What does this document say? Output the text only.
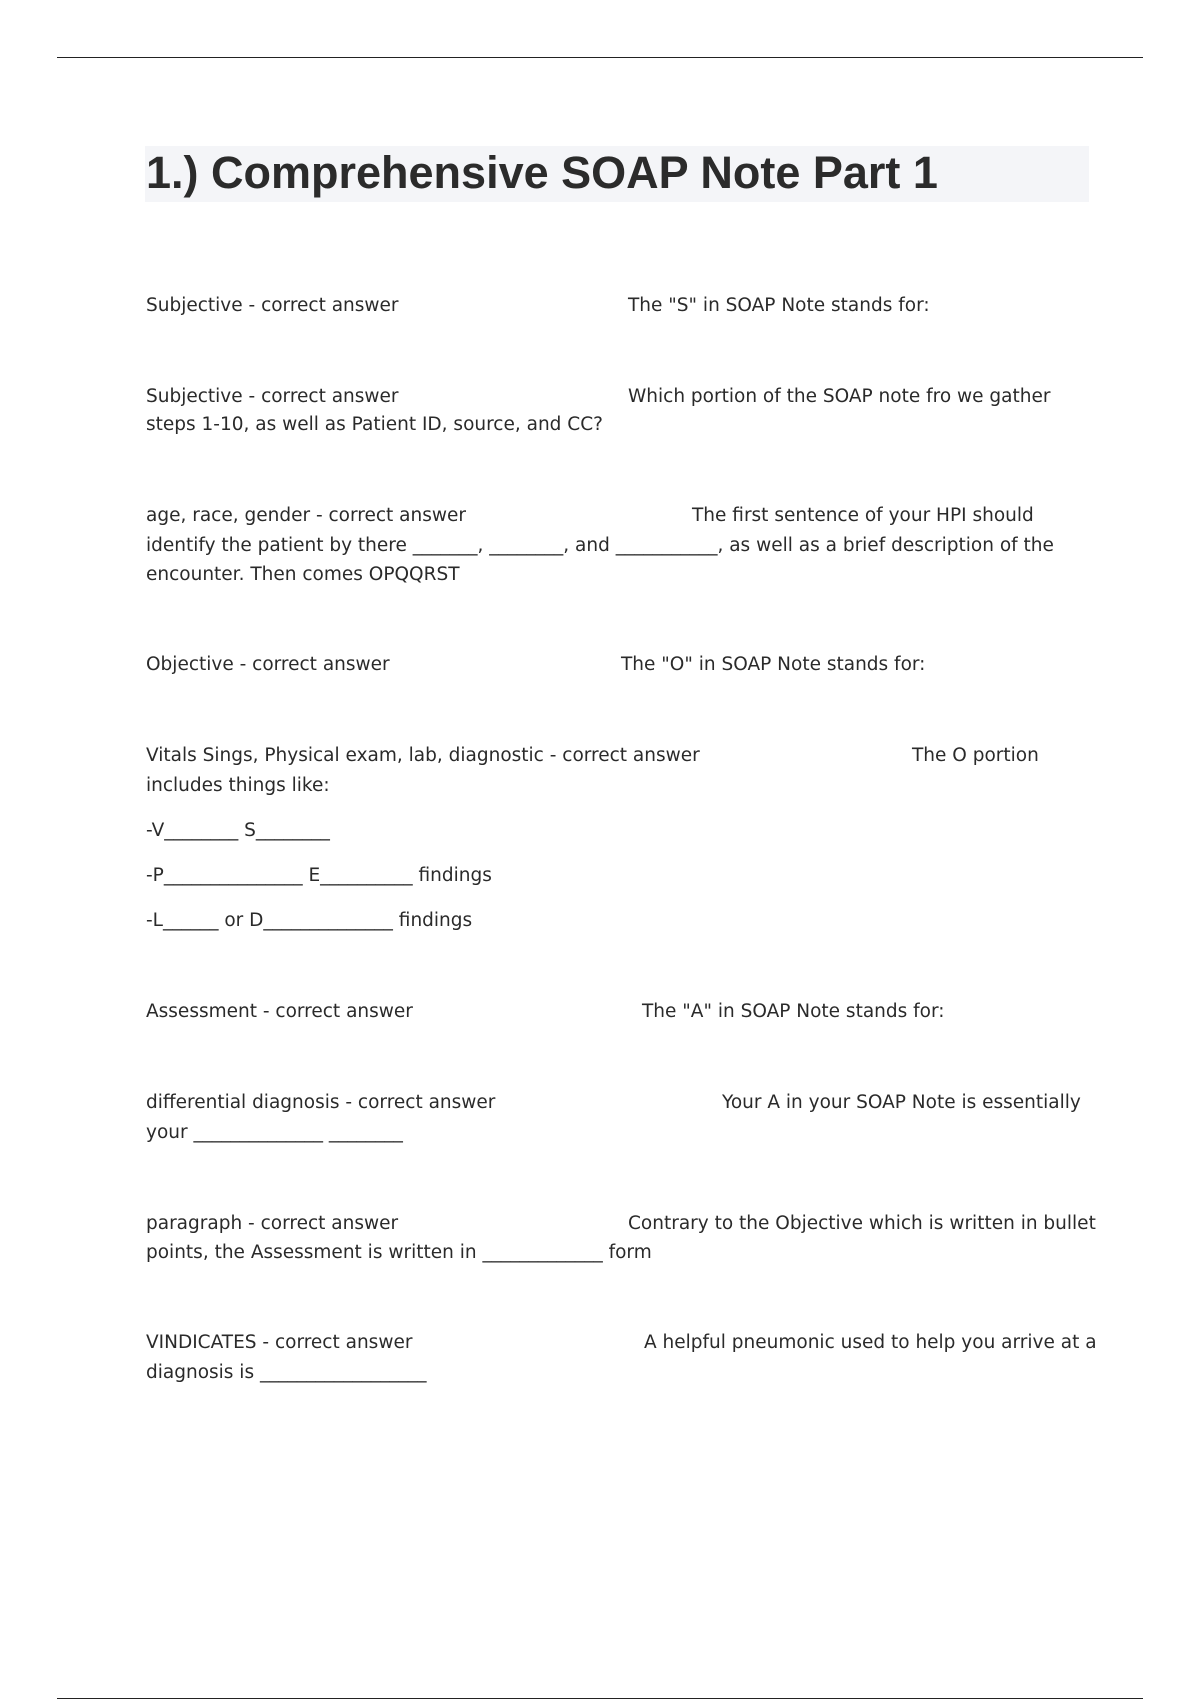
1.) Comprehensive SOAP Note Part 1
Subjective - correct answer	The "S" in SOAP Note stands for:
Subjective - correct answer	Which portion of the SOAP note fro we gather
steps 1-10, as well as Patient ID, source, and CC?
age, race, gender - correct answer	The first sentence of your HPI should
identify the patient by there _______, ________, and ___________, as well as a brief description of the
encounter. Then comes OPQQRST
Objective - correct answer	The "O" in SOAP Note stands for:
Vitals Sings, Physical exam, lab, diagnostic - correct answer	The O portion
includes things like:
-V________ S________
-P_______________ E__________ findings
-L______ or D______________ findings
Assessment - correct answer	The "A" in SOAP Note stands for:
differential diagnosis - correct answer	Your A in your SOAP Note is essentially
your ______________ ________
paragraph - correct answer	Contrary to the Objective which is written in bullet
points, the Assessment is written in _____________ form
VINDICATES - correct answer	A helpful pneumonic used to help you arrive at a
diagnosis is __________________
